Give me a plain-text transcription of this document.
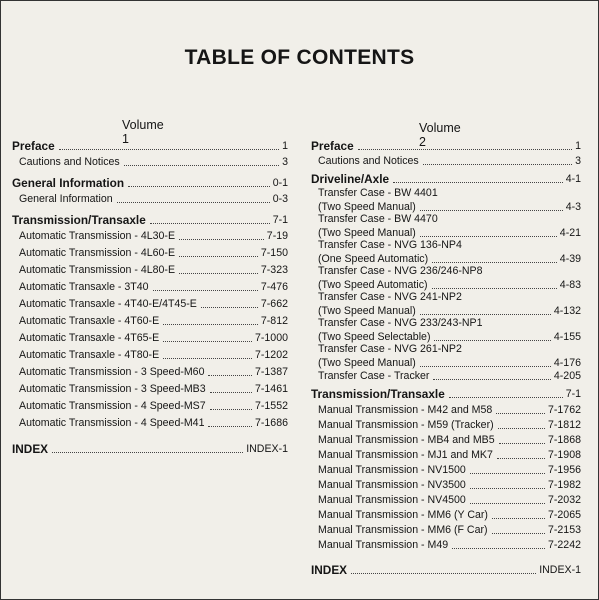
TABLE OF CONTENTS
Volume 1
Preface	1
Cautions and Notices	3
General Information	0-1
General Information	0-3
Transmission/Transaxle	7-1
Automatic Transmission - 4L30-E	7-19
Automatic Transmission - 4L60-E	7-150
Automatic Transmission - 4L80-E	7-323
Automatic Transaxle - 3T40	7-476
Automatic Transaxle - 4T40-E/4T45-E	7-662
Automatic Transaxle - 4T60-E	7-812
Automatic Transaxle - 4T65-E	7-1000
Automatic Transaxle - 4T80-E	7-1202
Automatic Transmission - 3 Speed-M60	7-1387
Automatic Transmission - 3 Speed-MB3	7-1461
Automatic Transmission - 4 Speed-MS7	7-1552
Automatic Transmission - 4 Speed-M41	7-1686
INDEX	INDEX-1
Volume 2
Preface	1
Cautions and Notices	3
Driveline/Axle	4-1
Transfer Case - BW 4401
(Two Speed Manual)	4-3
Transfer Case - BW 4470
(Two Speed Manual)	4-21
Transfer Case - NVG 136-NP4
(One Speed Automatic)	4-39
Transfer Case - NVG 236/246-NP8
(Two Speed Automatic)	4-83
Transfer Case - NVG 241-NP2
(Two Speed Manual)	4-132
Transfer Case - NVG 233/243-NP1
(Two Speed Selectable)	4-155
Transfer Case - NVG 261-NP2
(Two Speed Manual)	4-176
Transfer Case - Tracker	4-205
Transmission/Transaxle	7-1
Manual Transmission - M42 and M58	7-1762
Manual Transmission - M59 (Tracker)	7-1812
Manual Transmission - MB4 and MB5	7-1868
Manual Transmission - MJ1 and MK7	7-1908
Manual Transmission - NV1500	7-1956
Manual Transmission - NV3500	7-1982
Manual Transmission - NV4500	7-2032
Manual Transmission - MM6 (Y Car)	7-2065
Manual Transmission - MM6 (F Car)	7-2153
Manual Transmission - M49	7-2242
INDEX	INDEX-1
